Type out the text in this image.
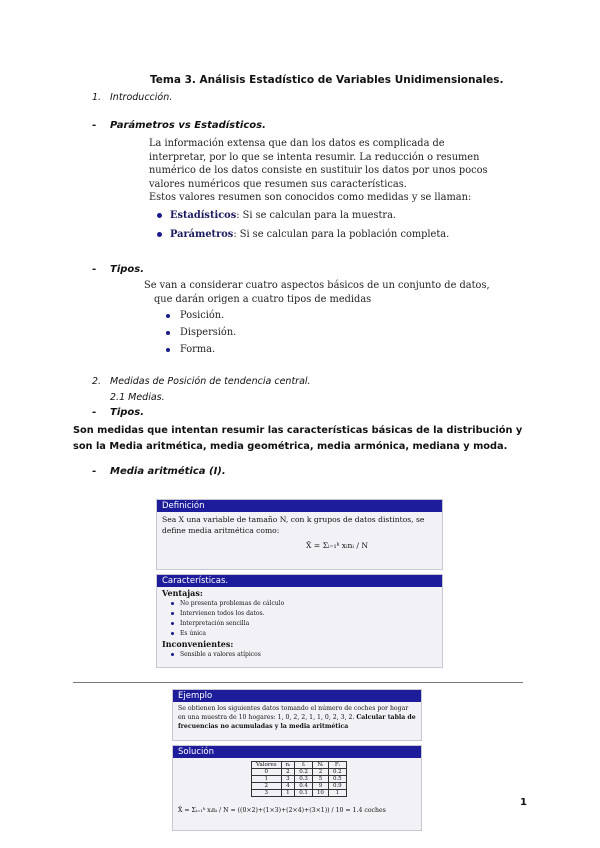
Tema 3. Análisis Estadístico de Variables Unidimensionales.
1. Introducción.
- Parámetros vs Estadísticos.
La información extensa que dan los datos es complicada de
interpretar, por lo que se intenta resumir. La reducción o resumen
numérico de los datos consiste en sustituir los datos por unos pocos
valores numéricos que resumen sus características.
Estos valores resumen son conocidos como medidas y se llaman:
Estadísticos: Si se calculan para la muestra.
Parámetros: Si se calculan para la población completa.
- Tipos.
Se van a considerar cuatro aspectos básicos de un conjunto de datos,
que darán origen a cuatro tipos de medidas
Posición.
Dispersión.
Forma.
2. Medidas de Posición de tendencia central.
2.1 Medias.
- Tipos.
Son medidas que intentan resumir las características básicas de la distribución y son la Media aritmética, media geométrica, media armónica, mediana y moda.
- Media aritmética (I).
Definición
Sea X una variable de tamaño N, con k grupos de datos distintos, se define media aritmética como:
X̄ = Σᵢ₌₁ᵏ xᵢnᵢ / N
Características.
Ventajas:
No presenta problemas de cálculo
Intervienen todos los datos.
Interpretación sencilla
Es única
Inconvenientes:
Sensible a valores atípicos
Ejemplo
Se obtienen los siguientes datos tomando el número de coches por hogar en una muestra de 10 hogares: 1, 0, 2, 2, 1, 1, 0, 2, 3, 2. Calcular tabla de frecuencias no acumuladas y la media aritmética
Solución
Valores	nᵢ	fᵢ	Nᵢ	Fᵢ
0	2	0.2	2	0.2
1	3	0.3	5	0.5
2	4	0.4	9	0.9
3	1	0.1	10	1
X̄ = Σᵢ₌₁ᵏ xᵢnᵢ / N = ((0×2)+(1×3)+(2×4)+(3×1)) / 10 = 1.4 coches
1
